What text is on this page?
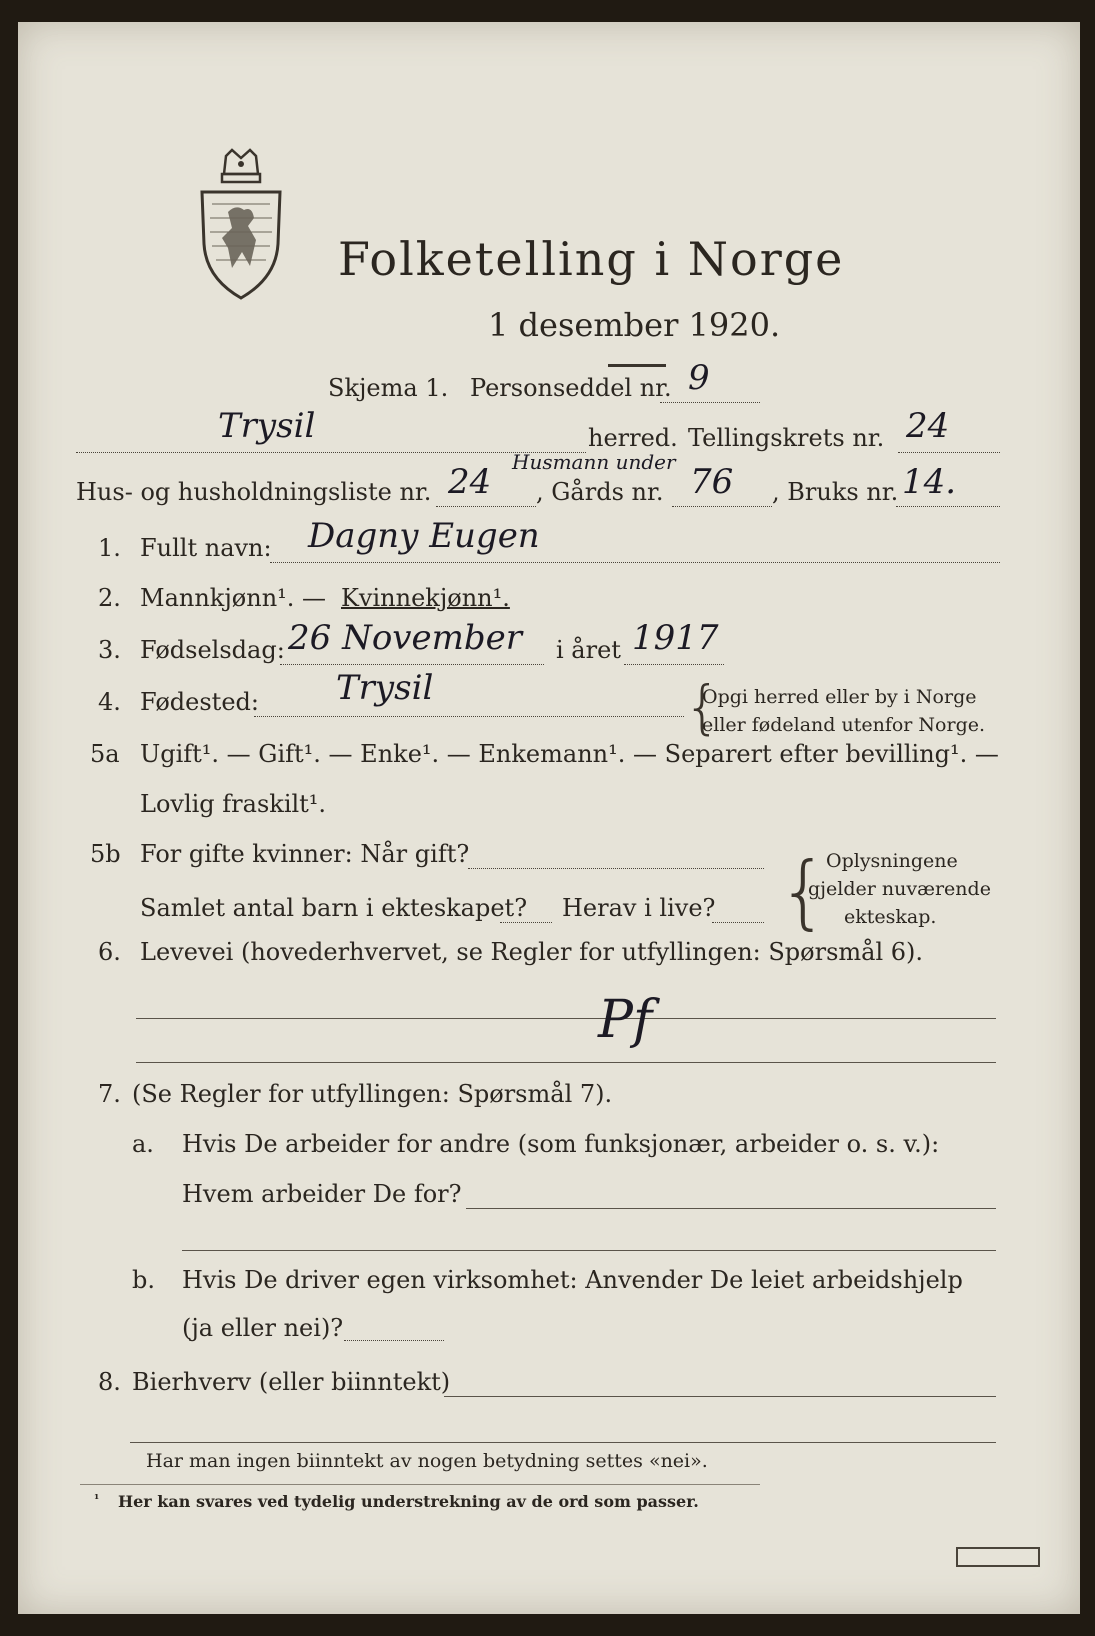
Folketelling i Norge
1 desember 1920.
Skjema 1. Personseddel nr. 9
Trysil	herred. Tellingskrets nr. 24
Hus- og husholdningsliste nr. 24 Husmann under
, Gårds nr. 76 , Bruks nr. 14.
1. Fullt navn: Dagny Eugen
2. Mannkjønn¹. — Kvinnekjønn¹.
3. Fødselsdag: 26 November i året 1917
4. Fødested: Trysil	{
Opgi herred eller by i Norge
eller fødeland utenfor Norge.
5a Ugift¹. — Gift¹. — Enke¹. — Enkemann¹. — Separert efter bevilling¹. —
Lovlig fraskilt¹.
5b For gifte kvinner: Når gift?
Samlet antal barn i ekteskapet? Herav i live? {
Oplysningene
gjelder nuværende
ekteskap.
6. Levevei (hovederhvervet, se Regler for utfyllingen: Spørsmål 6).
Pf
7. (Se Regler for utfyllingen: Spørsmål 7).
a. Hvis De arbeider for andre (som funksjonær, arbeider o. s. v.):
Hvem arbeider De for?
b. Hvis De driver egen virksomhet: Anvender De leiet arbeidshjelp
(ja eller nei)?
8. Bierhverv (eller biinntekt)
Har man ingen biinntekt av nogen betydning settes «nei».
¹ Her kan svares ved tydelig understrekning av de ord som passer.
